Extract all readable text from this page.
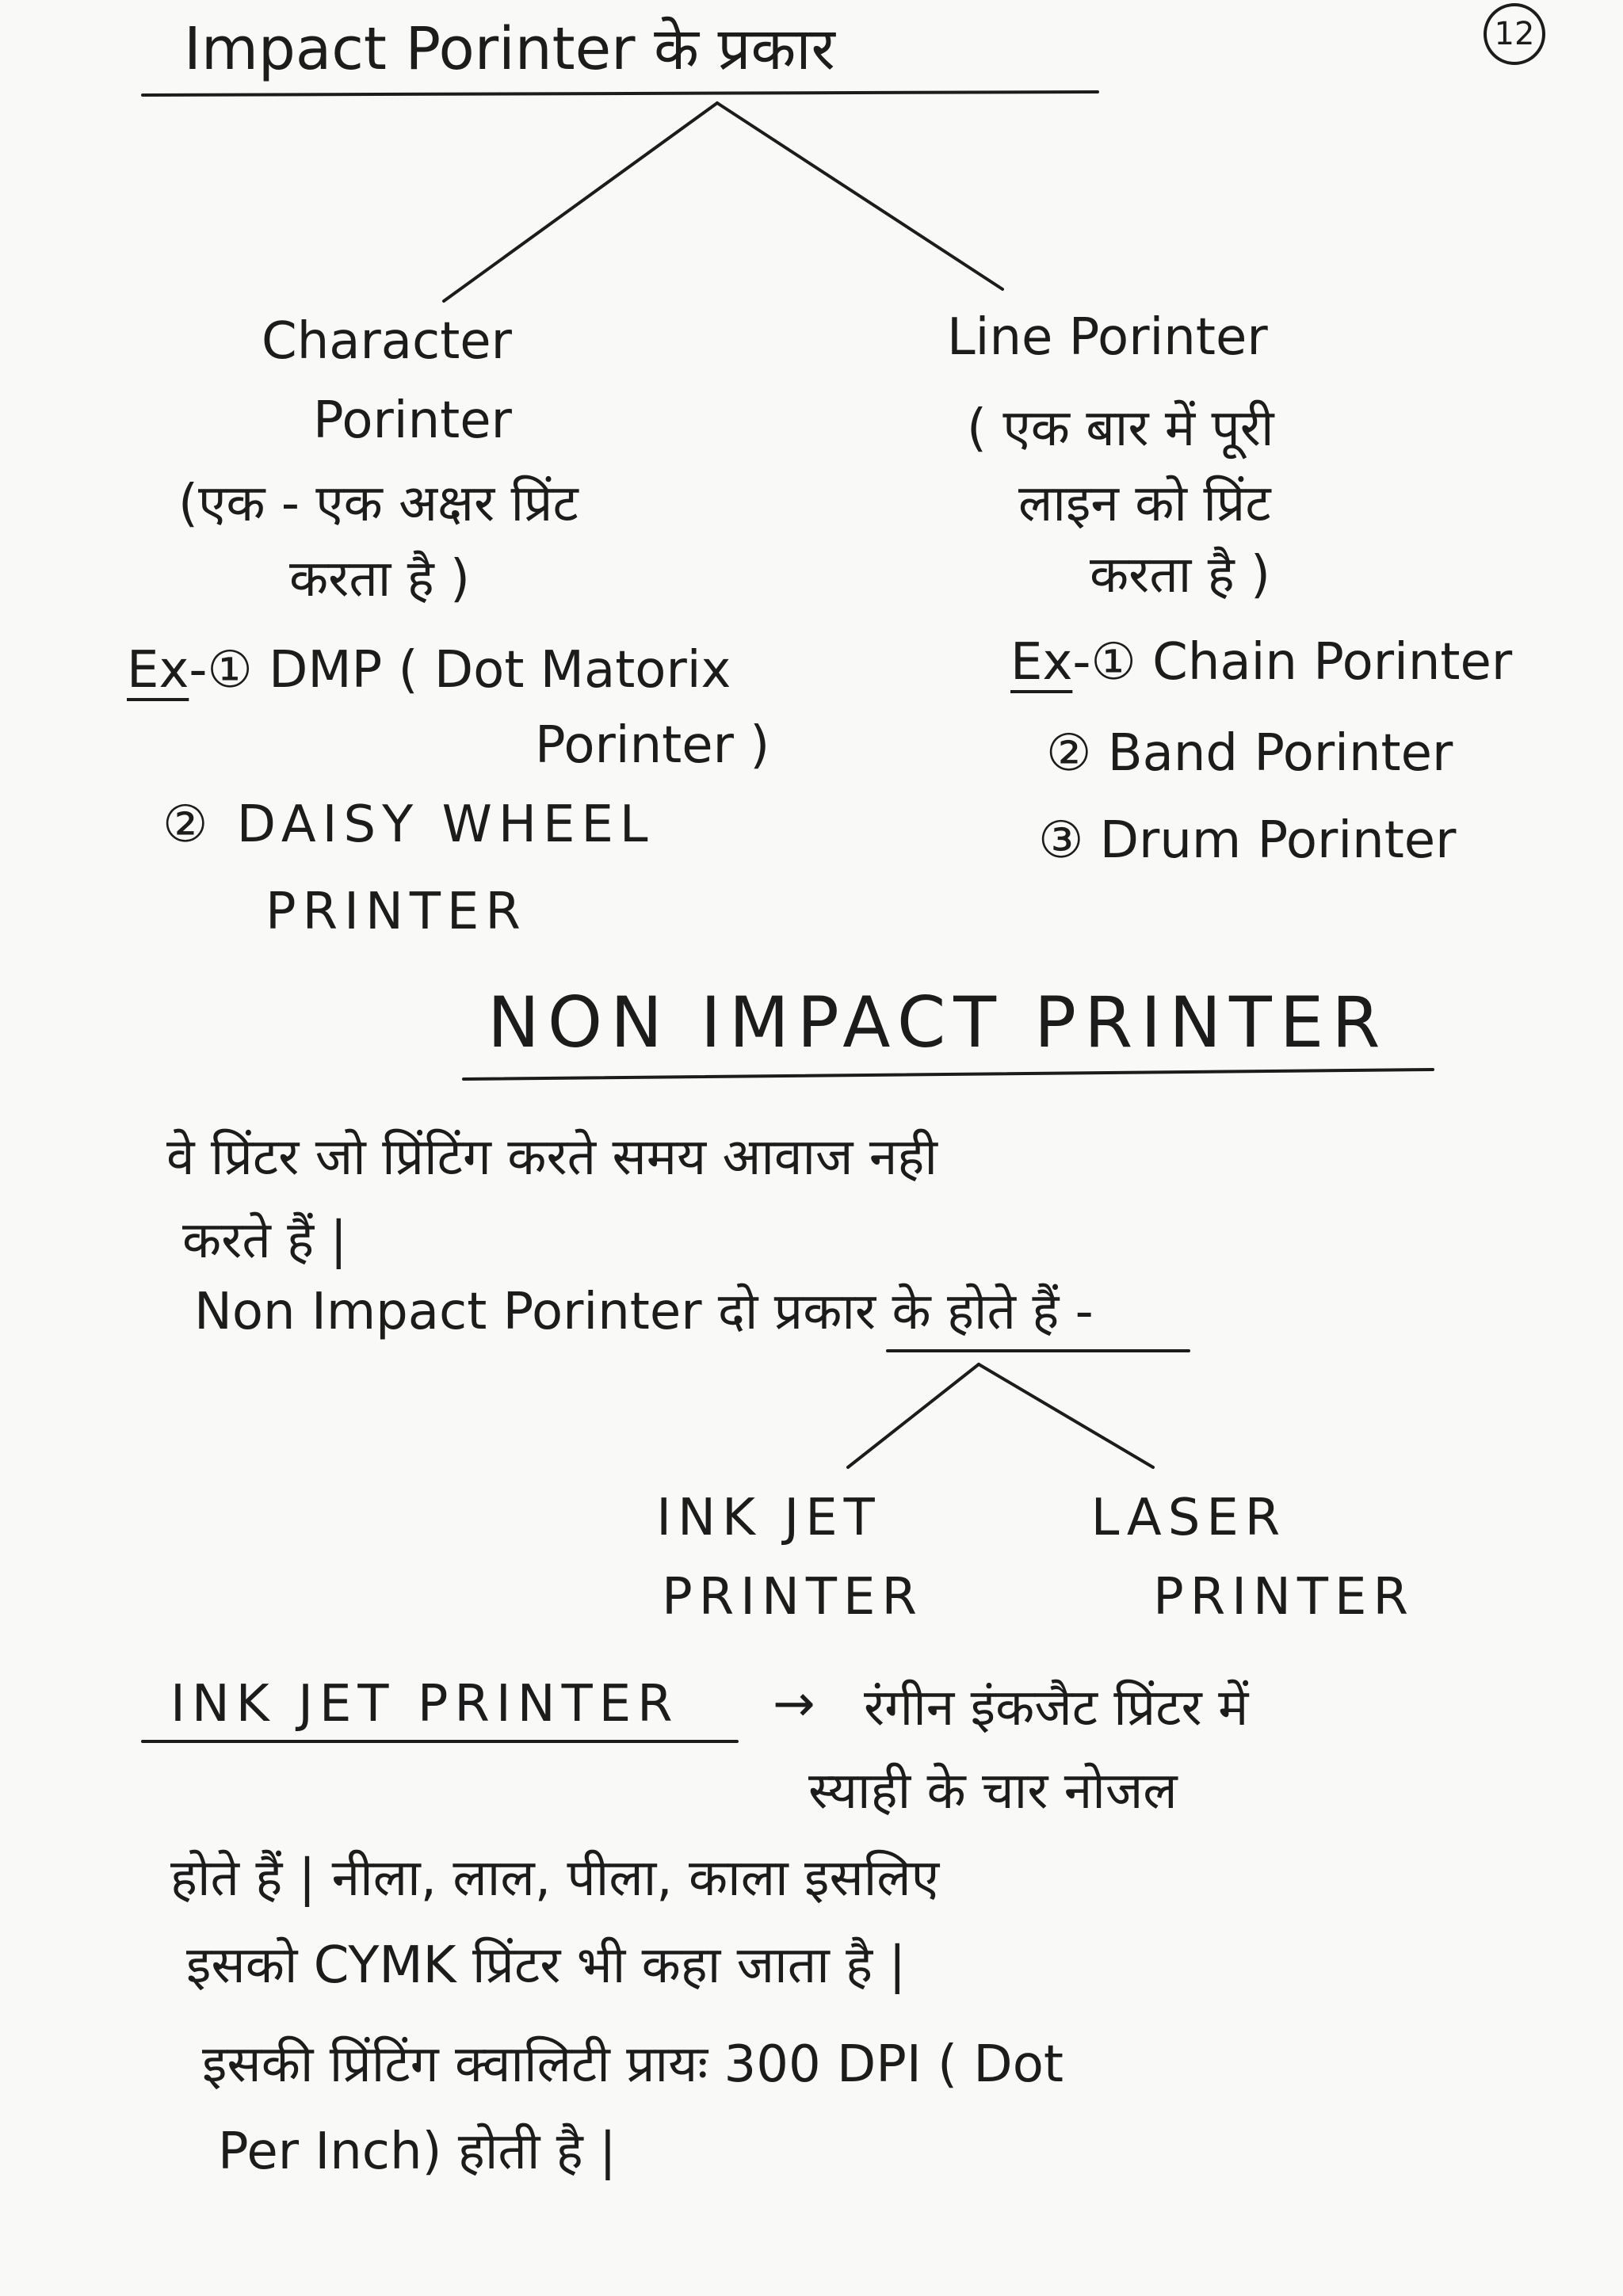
12
Impact Porinter के प्रकार
Character
Porinter
(एक - एक अक्षर प्रिंट
करता है )
Ex-① DMP ( Dot Matorix
Porinter )
② DAISY WHEEL
PRINTER
Line Porinter
( एक बार में पूरी
लाइन को प्रिंट
करता है )
Ex-① Chain Porinter
② Band Porinter
③ Drum Porinter
NON IMPACT PRINTER
वे प्रिंटर जो प्रिंटिंग करते समय आवाज नही
करते हैं |
Non Impact Porinter दो प्रकार के होते हैं -
INK JET
PRINTER
LASER
PRINTER
INK JET PRINTER → रंगीन इंकजैट प्रिंटर में
स्याही के चार नोजल
होते हैं | नीला, लाल, पीला, काला इसलिए
इसको CYMK प्रिंटर भी कहा जाता है |
इसकी प्रिंटिंग क्वालिटी प्रायः 300 DPI ( Dot
Per Inch) होती है |
